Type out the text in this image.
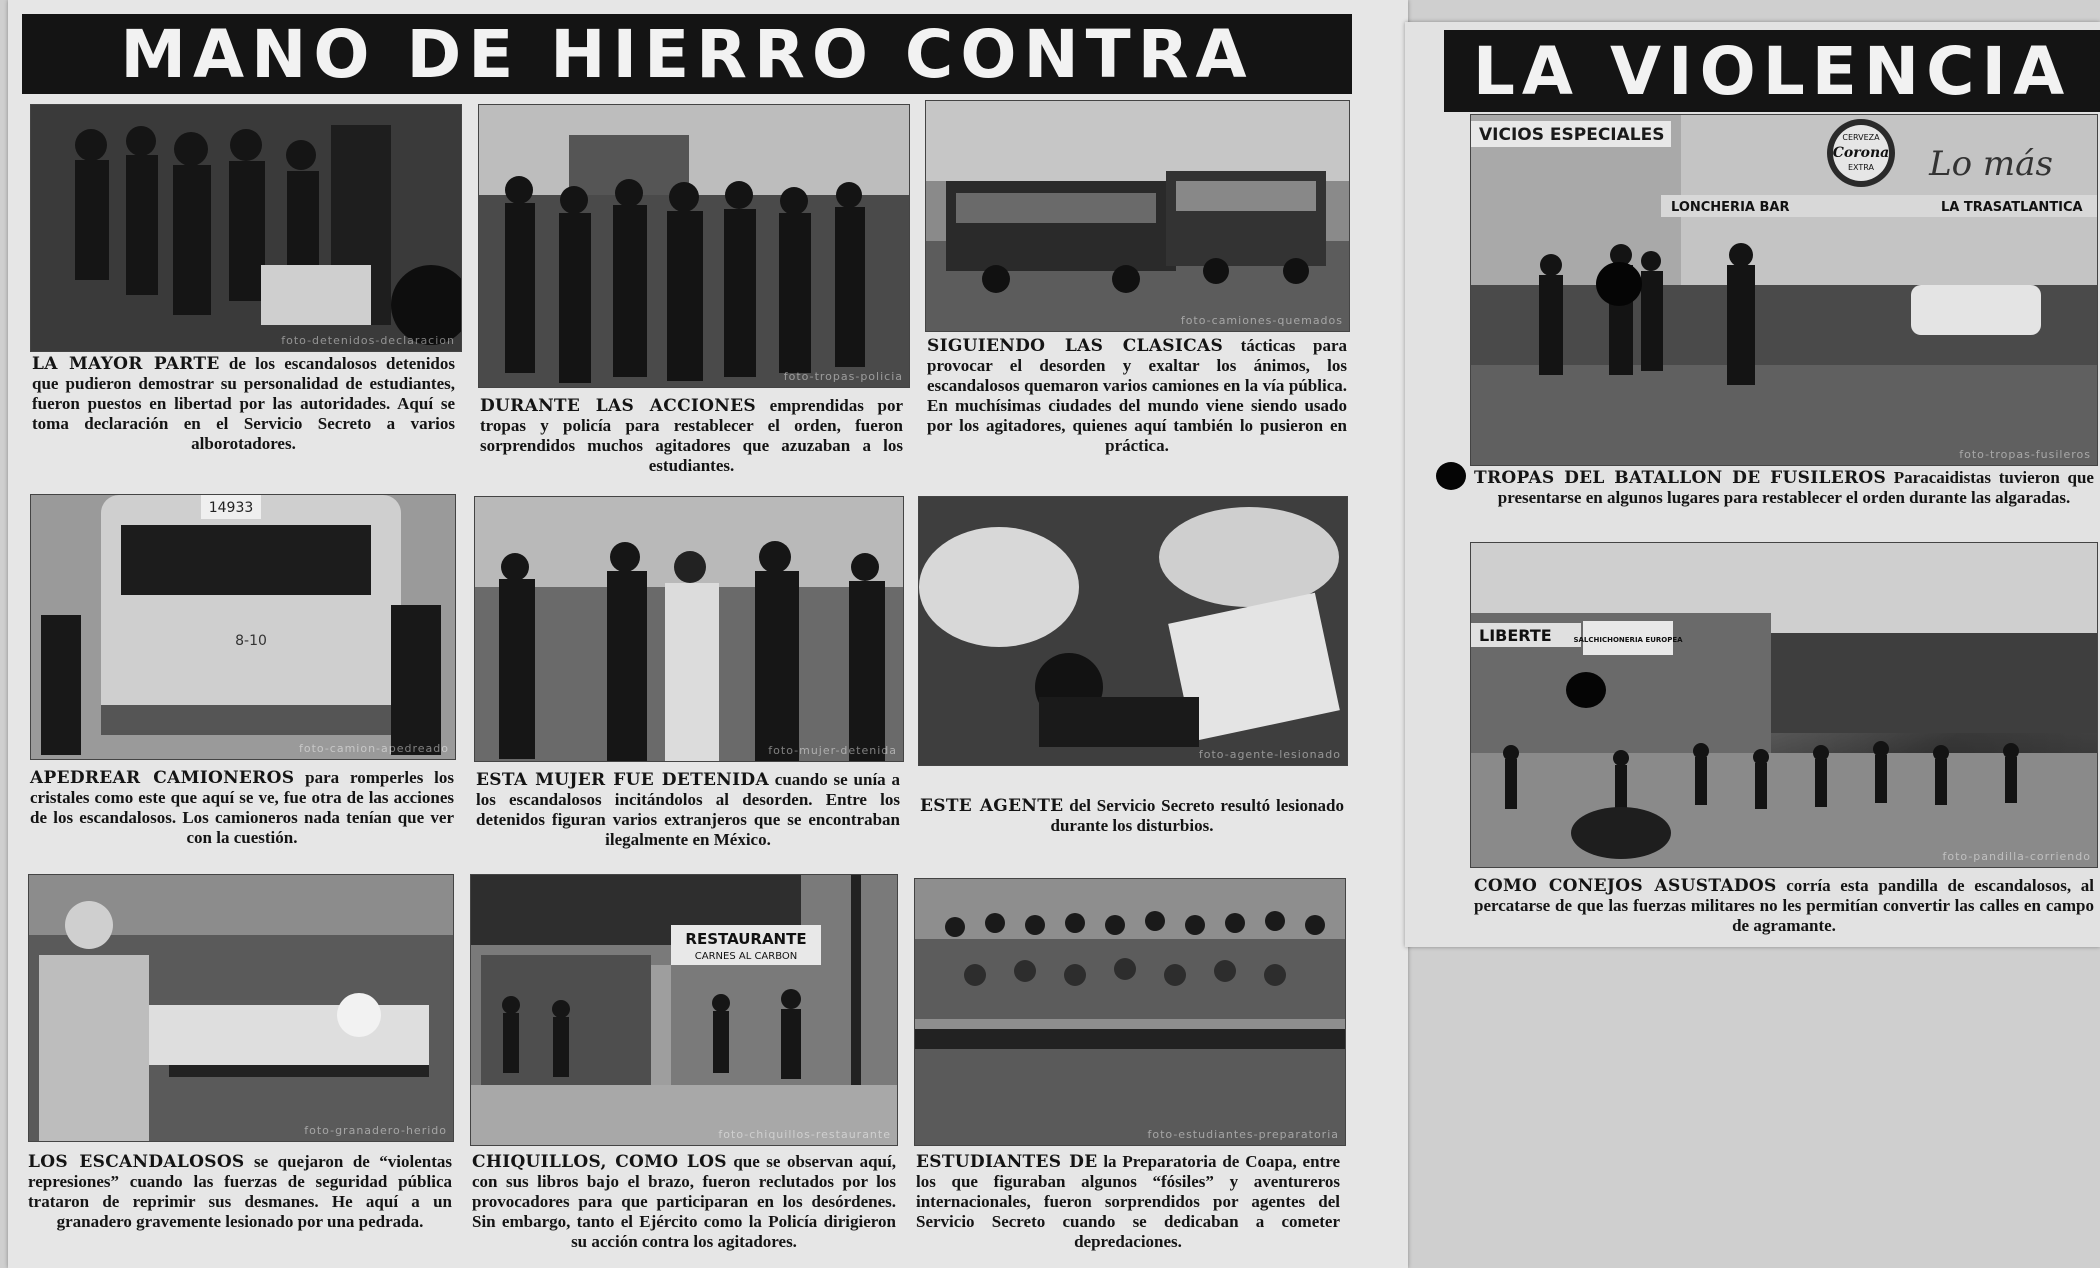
MANO DE HIERRO CONTRA	LA VIOLENCIA
foto-detenidos-declaracion
foto-tropas-policia
foto-camiones-quemados
LA MAYOR PARTE de los escandalosos detenidos que pudieron demostrar su personalidad de estudiantes, fueron puestos en libertad por las autoridades. Aquí se toma declaración en el Servicio Secreto a varios alborotadores.
DURANTE LAS ACCIONES emprendidas por tropas y policía para restablecer el orden, fueron sorprendidos muchos agitadores que azuzaban a los estudiantes.
SIGUIENDO LAS CLASICAS tácticas para provocar el desorden y exaltar los ánimos, los escandalosos quemaron varios camiones en la vía pública. En muchísimas ciudades del mundo viene siendo usado por los agitadores, quienes aquí también lo pusieron en práctica.
14933
8-10
foto-camion-apedreado	foto-mujer-detenida	foto-agente-lesionado
APEDREAR CAMIONEROS para romperles los cristales como este que aquí se ve, fue otra de las acciones de los escandalosos. Los camioneros nada tenían que ver con la cuestión.
ESTA MUJER FUE DETENIDA cuando se unía a los escandalosos incitándolos al desorden. Entre los detenidos figuran varios extranjeros que se encontraban ilegalmente en México.
ESTE AGENTE del Servicio Secreto resultó lesionado durante los disturbios.
foto-granadero-herido
RESTAURANTE
CARNES AL CARBON
foto-chiquillos-restaurante	foto-estudiantes-preparatoria
LOS ESCANDALOSOS se quejaron de “violentas represiones” cuando las fuerzas de seguridad pública trataron de reprimir sus desmanes. He aquí a un granadero gravemente lesionado por una pedrada.
CHIQUILLOS, COMO LOS que se observan aquí, con sus libros bajo el brazo, fueron reclutados por los provocadores para que participaran en los desórdenes. Sin embargo, tanto el Ejército como la Policía dirigieron su acción contra los agitadores.
ESTUDIANTES DE la Preparatoria de Coapa, entre los que figuraban algunos “fósiles” y aventureros internacionales, fueron sorprendidos por agentes del Servicio Secreto cuando se dedicaban a cometer depredaciones.
VICIOS ESPECIALES	CERVEZA
Corona
EXTRA Lo más
LONCHERIA BAR	LA TRASATLANTICA
foto-tropas-fusileros
TROPAS DEL BATALLON DE FUSILEROS Paracaidistas tuvieron que presentarse en algunos lugares para restablecer el orden durante las algaradas.
LIBERTE	SALCHICHONERIA EUROPEA
foto-pandilla-corriendo
COMO CONEJOS ASUSTADOS corría esta pandilla de escandalosos, al percatarse de que las fuerzas militares no les permitían convertir las calles en campo de agramante.
